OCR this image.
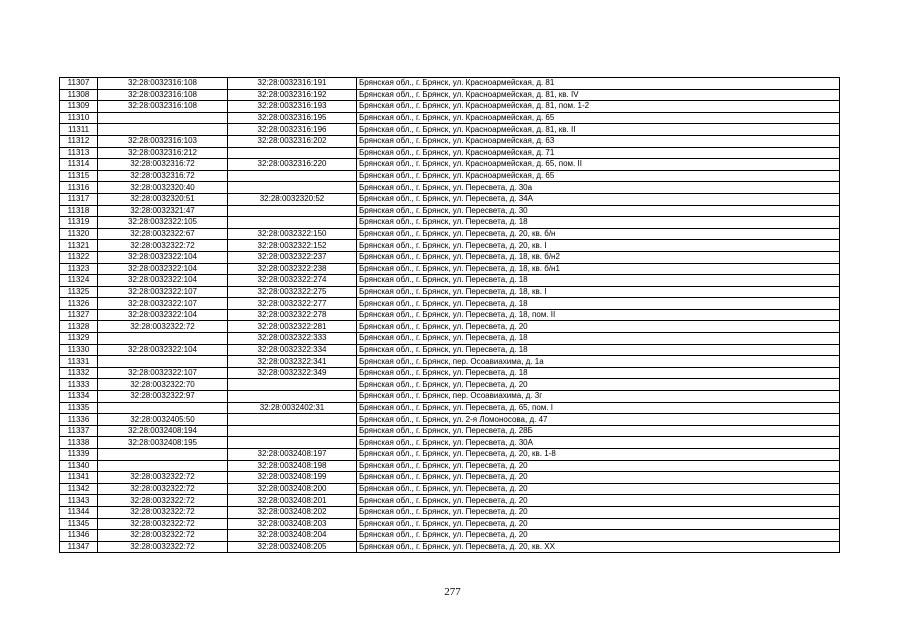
11307	32:28:0032316:108	32:28:0032316:191	Брянская обл., г. Брянск, ул. Красноармейская, д. 81
11308	32:28:0032316:108	32:28:0032316:192	Брянская обл., г. Брянск, ул. Красноармейская, д. 81, кв. IV
11309	32:28:0032316:108	32:28:0032316:193	Брянская обл., г. Брянск, ул. Красноармейская, д. 81, пом. 1-2
11310		32:28:0032316:195	Брянская обл., г. Брянск, ул. Красноармейская, д. 65
11311		32:28:0032316:196	Брянская обл., г. Брянск, ул. Красноармейская, д. 81, кв. II
11312	32:28:0032316:103	32:28:0032316:202	Брянская обл., г. Брянск, ул. Красноармейская, д. 63
11313	32:28:0032316:212		Брянская обл., г. Брянск, ул. Красноармейская, д. 71
11314	32:28:0032316:72	32:28:0032316:220	Брянская обл., г. Брянск, ул. Красноармейская, д. 65, пом. II
11315	32:28:0032316:72		Брянская обл., г. Брянск, ул. Красноармейская, д. 65
11316	32:28:0032320:40		Брянская обл., г. Брянск, ул. Пересвета, д. 30а
11317	32:28:0032320:51	32:28:0032320:52	Брянская обл., г. Брянск, ул. Пересвета, д. 34А
11318	32:28:0032321:47		Брянская обл., г. Брянск, ул. Пересвета, д. 30
11319	32:28:0032322:105		Брянская обл., г. Брянск, ул. Пересвета, д. 18
11320	32:28:0032322:67	32:28:0032322:150	Брянская обл., г. Брянск, ул. Пересвета, д. 20, кв. б/н
11321	32:28:0032322:72	32:28:0032322:152	Брянская обл., г. Брянск, ул. Пересвета, д. 20, кв. I
11322	32:28:0032322:104	32:28:0032322:237	Брянская обл., г. Брянск, ул. Пересвета, д. 18, кв. б/н2
11323	32:28:0032322:104	32:28:0032322:238	Брянская обл., г. Брянск, ул. Пересвета, д. 18, кв. б/н1
11324	32:28:0032322:104	32:28:0032322:274	Брянская обл., г. Брянск, ул. Пересвета, д. 18
11325	32:28:0032322:107	32:28:0032322:275	Брянская обл., г. Брянск, ул. Пересвета, д. 18, кв. I
11326	32:28:0032322:107	32:28:0032322:277	Брянская обл., г. Брянск, ул. Пересвета, д. 18
11327	32:28:0032322:104	32:28:0032322:278	Брянская обл., г. Брянск, ул. Пересвета, д. 18, пом. II
11328	32:28:0032322:72	32:28:0032322:281	Брянская обл., г. Брянск, ул. Пересвета, д. 20
11329		32:28:0032322:333	Брянская обл., г. Брянск, ул. Пересвета, д. 18
11330	32:28:0032322:104	32:28:0032322:334	Брянская обл., г. Брянск, ул. Пересвета, д. 18
11331		32:28:0032322:341	Брянская обл., г. Брянск, пер. Осоавиахима, д. 1а
11332	32:28:0032322:107	32:28:0032322:349	Брянская обл., г. Брянск, ул. Пересвета, д. 18
11333	32:28:0032322:70		Брянская обл., г. Брянск, ул. Пересвета, д. 20
11334	32:28:0032322:97		Брянская обл., г. Брянск, пер. Осоавиахима, д. 3г
11335		32:28:0032402:31	Брянская обл., г. Брянск, ул. Пересвета, д. 65, пом. I
11336	32:28:0032405:50		Брянская обл., г. Брянск, ул. 2-я Ломоносова, д. 47
11337	32:28:0032408:194		Брянская обл., г. Брянск, ул. Пересвета, д. 28Б
11338	32:28:0032408:195		Брянская обл., г. Брянск, ул. Пересвета, д. 30А
11339		32:28:0032408:197	Брянская обл., г. Брянск, ул. Пересвета, д. 20, кв. 1-8
11340		32:28:0032408:198	Брянская обл., г. Брянск, ул. Пересвета, д. 20
11341	32:28:0032322:72	32:28:0032408:199	Брянская обл., г. Брянск, ул. Пересвета, д. 20
11342	32:28:0032322:72	32:28:0032408:200	Брянская обл., г. Брянск, ул. Пересвета, д. 20
11343	32:28:0032322:72	32:28:0032408:201	Брянская обл., г. Брянск, ул. Пересвета, д. 20
11344	32:28:0032322:72	32:28:0032408:202	Брянская обл., г. Брянск, ул. Пересвета, д. 20
11345	32:28:0032322:72	32:28:0032408:203	Брянская обл., г. Брянск, ул. Пересвета, д. 20
11346	32:28:0032322:72	32:28:0032408:204	Брянская обл., г. Брянск, ул. Пересвета, д. 20
11347	32:28:0032322:72	32:28:0032408:205	Брянская обл., г. Брянск, ул. Пересвета, д. 20, кв. XX
277
